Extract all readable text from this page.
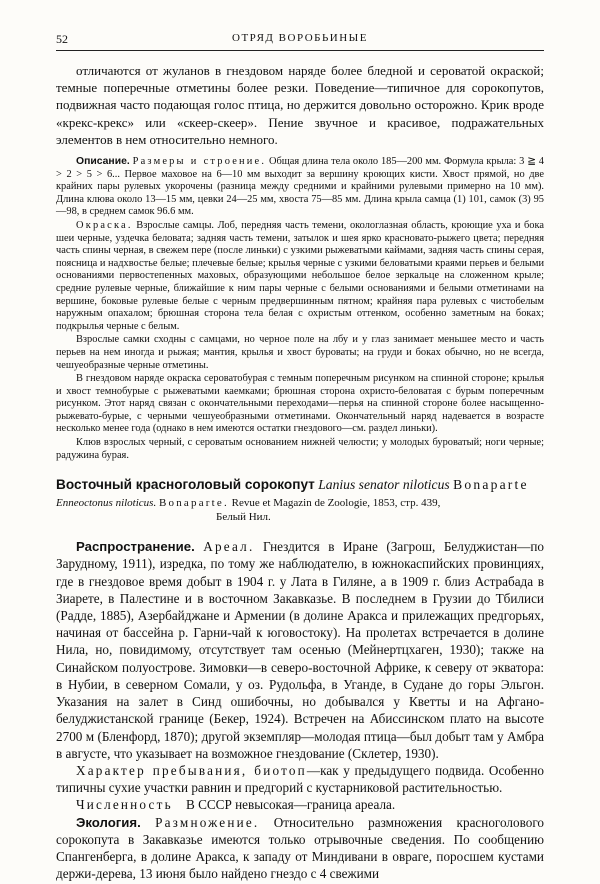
52	ОТРЯД ВОРОБЬИНЫЕ

отличаются от жуланов в гнездовом наряде более бледной и сероватой окраской; темные поперечные отметины более резки. Поведение—типичное для сорокопутов, подвижная часто подающая голос птица, но держится довольно осторожно. Крик вроде «крекс-крекс» или «скеер-скеер». Пение звучное и красивое, подражательных элементов в нем относительно немного.

Описание. Размеры и строение. Общая длина тела около 185—200 мм. Формула крыла: 3 ≧ 4 > 2 > 5 > 6... Первое маховое на 6—10 мм выходит за вершину кроющих кисти. Хвост прямой, но две крайних пары рулевых укорочены (разница между средними и крайними рулевыми примерно на 10 мм). Длина клюва около 13—15 мм, цевки 24—25 мм, хвоста 75—85 мм. Длина крыла самца (1) 101, самок (3) 95—98, в среднем самок 96.6 мм.

Окраска. Взрослые самцы. Лоб, передняя часть темени, окологлазная область, кроющие уха и бока шеи черные, уздечка беловата; задняя часть темени, затылок и шея ярко красновато-рыжего цвета; передняя часть спины черная, в свежем пере (после линьки) с узкими рыжеватыми каймами, задняя часть спины серая, поясница и надхвостье белые; плечевые белые; крылья черные с узкими беловатыми краями перьев и белыми основаниями первостепенных маховых, образующими небольшое белое зеркальце на сложенном крыле; средние рулевые черные, ближайшие к ним пары черные с белыми основаниями и белыми отметинами на вершине, боковые рулевые белые с черным предвершинным пятном; крайняя пара рулевых с чистобелым наружным опахалом; брюшная сторона тела белая с охристым оттенком, особенно заметным на боках; подкрылья черные с белым.

Взрослые самки сходны с самцами, но черное поле на лбу и у глаз занимает меньшее место и часть перьев на нем иногда и рыжая; мантия, крылья и хвост буроваты; на груди и боках обычно, но не всегда, чешуеобразные черные отметины.

В гнездовом наряде окраска сероватобурая с темным поперечным рисунком на спинной стороне; крылья и хвост темнобурые с рыжеватыми каемками; брюшная сторона охристо-беловатая с бурым поперечным рисунком. Этот наряд связан с окончательными переходами—перья на спинной стороне более насыщенно-рыжевато-бурые, с черными чешуеобразными отметинами. Окончательный наряд надевается в возрасте несколько менее года (однако в нем имеются остатки гнездового—см. раздел линьки).

Клюв взрослых черный, с сероватым основанием нижней челюсти; у молодых буроватый; ноги черные; радужина бурая.

Восточный красноголовый сорокопут Lanius senator niloticus Bonaparte

Enneoctonus niloticus. Bonaparte. Revue et Magazin de Zoologie, 1853, стр. 439,

Белый Нил.

Распространение. Ареал. Гнездится в Иране (Загрош, Белуджистан—по Зарудному, 1911), изредка, по тому же наблюдателю, в южнокаспийских провинциях, где в гнездовое время добыт в 1904 г. у Лата в Гиляне, а в 1909 г. близ Астрабада в Зиарете, в Палестине и в восточном Закавказье. В последнем в Грузии до Тбилиси (Радде, 1885), Азербайджане и Армении (в долине Аракса и прилежащих предгорьях, начиная от бассейна р. Гарни-чай к юговостоку). На пролетах встречается в долине Нила, но, повидимому, отсутствует там осенью (Мейнертцхаген, 1930); также на Синайском полуострове. Зимовки—в северо-восточной Африке, к северу от экватора: в Нубии, в северном Сомали, у оз. Рудольфа, в Уганде, в Судане до горы Эльгон. Указания на залет в Синд ошибочны, но добывался у Кветты и на Афгано-белуджистанской границе (Бекер, 1924). Встречен на Абиссинском плато на высоте 2700 м (Бленфорд, 1870); другой экземпляр—молодая птица—был добыт там у Амбра в августе, что указывает на возможное гнездование (Склетер, 1930).

Характер пребывания, биотоп—как у предыдущего подвида. Особенно типичны сухие участки равнин и предгорий с кустарниковой растительностью.

Численность В СССР невысокая—граница ареала.

Экология. Размножение. Относительно размножения красноголового сорокопута в Закавказье имеются только отрывочные сведения. По сообщению Спангенберга, в долине Аракса, к западу от Миндивани в овраге, поросшем кустами держи-дерева, 13 июня было найдено гнездо с 4 свежими
